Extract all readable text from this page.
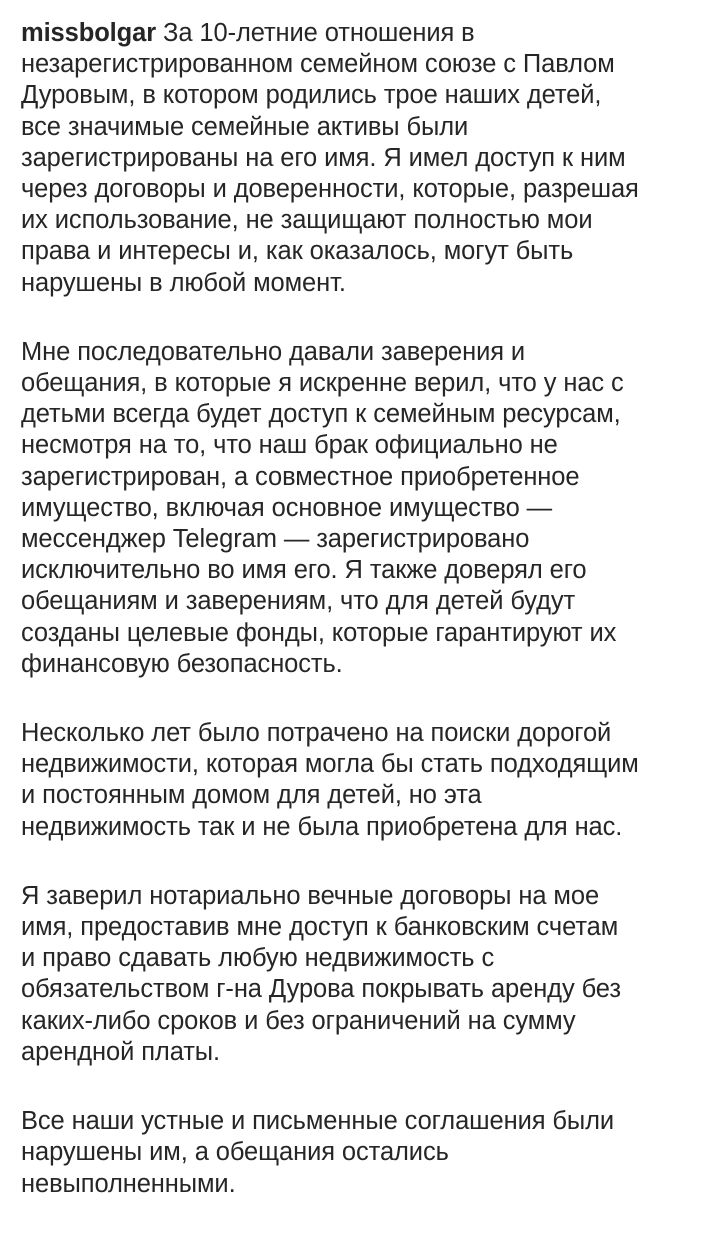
missbolgar За 10-летние отношения в
незарегистрированном семейном союзе с Павлом
Дуровым, в котором родились трое наших детей,
все значимые семейные активы были
зарегистрированы на его имя. Я имел доступ к ним
через договоры и доверенности, которые, разрешая
их использование, не защищают полностью мои
права и интересы и, как оказалось, могут быть
нарушены в любой момент.

Мне последовательно давали заверения и
обещания, в которые я искренне верил, что у нас с
детьми всегда будет доступ к семейным ресурсам,
несмотря на то, что наш брак официально не
зарегистрирован, а совместное приобретенное
имущество, включая основное имущество —
мессенджер Telegram — зарегистрировано
исключительно во имя его. Я также доверял его
обещаниям и заверениям, что для детей будут
созданы целевые фонды, которые гарантируют их
финансовую безопасность.

Несколько лет было потрачено на поиски дорогой
недвижимости, которая могла бы стать подходящим
и постоянным домом для детей, но эта
недвижимость так и не была приобретена для нас.

Я заверил нотариально вечные договоры на мое
имя, предоставив мне доступ к банковским счетам
и право сдавать любую недвижимость с
обязательством г-на Дурова покрывать аренду без
каких-либо сроков и без ограничений на сумму
арендной платы.

Все наши устные и письменные соглашения были
нарушены им, а обещания остались
невыполненными.
